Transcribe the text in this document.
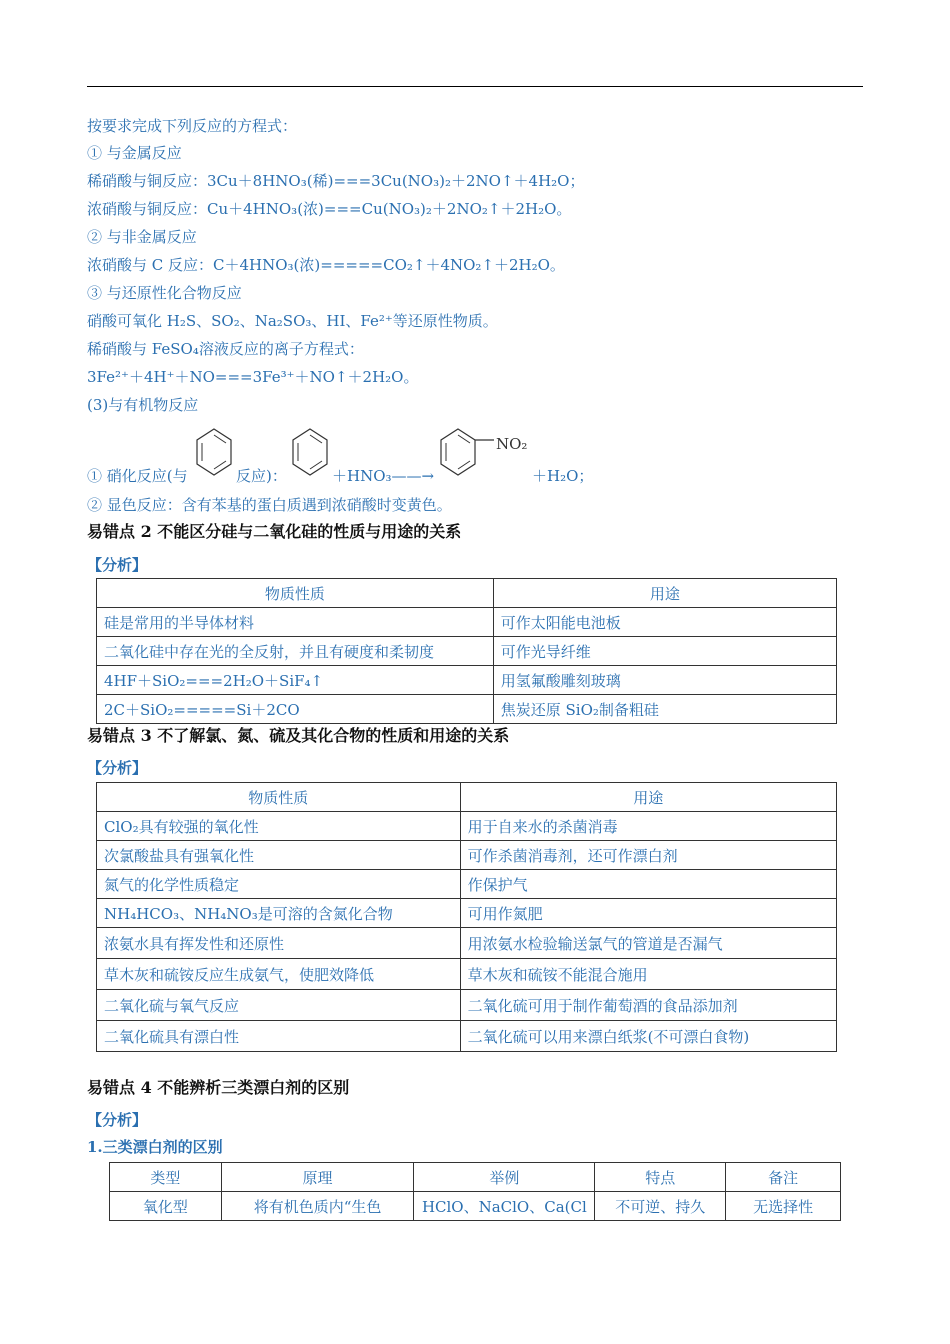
按要求完成下列反应的方程式：
① 与金属反应
稀硝酸与铜反应：3Cu＋8HNO₃(稀)===3Cu(NO₃)₂＋2NO↑＋4H₂O；
浓硝酸与铜反应：Cu＋4HNO₃(浓)===Cu(NO₃)₂＋2NO₂↑＋2H₂O。
② 与非金属反应
浓硝酸与 C 反应：C＋4HNO₃(浓)=====CO₂↑＋4NO₂↑＋2H₂O。
③ 与还原性化合物反应
硝酸可氧化 H₂S、SO₂、Na₂SO₃、HI、Fe²⁺等还原性物质。
稀硝酸与 FeSO₄溶液反应的离子方程式：
3Fe²⁺＋4H⁺＋NO===3Fe³⁺＋NO↑＋2H₂O。
(3)与有机物反应
① 硝化反应(与	反应)：	＋HNO₃——→
NO₂
＋H₂O；
② 显色反应：含有苯基的蛋白质遇到浓硝酸时变黄色。
易错点 2 不能区分硅与二氧化硅的性质与用途的关系
【分析】
物质性质	用途
硅是常用的半导体材料	可作太阳能电池板
二氧化硅中存在光的全反射，并且有硬度和柔韧度	可作光导纤维
4HF＋SiO₂===2H₂O＋SiF₄↑	用氢氟酸雕刻玻璃
2C＋SiO₂=====Si＋2CO	焦炭还原 SiO₂制备粗硅
易错点 3 不了解氯、氮、硫及其化合物的性质和用途的关系
【分析】
物质性质	用途
ClO₂具有较强的氧化性	用于自来水的杀菌消毒
次氯酸盐具有强氧化性	可作杀菌消毒剂，还可作漂白剂
氮气的化学性质稳定	作保护气
NH₄HCO₃、NH₄NO₃是可溶的含氮化合物	可用作氮肥
浓氨水具有挥发性和还原性	用浓氨水检验输送氯气的管道是否漏气
草木灰和硫铵反应生成氨气，使肥效降低	草木灰和硫铵不能混合施用
二氧化硫与氧气反应	二氧化硫可用于制作葡萄酒的食品添加剂
二氧化硫具有漂白性	二氧化硫可以用来漂白纸浆(不可漂白食物)
易错点 4 不能辨析三类漂白剂的区别
【分析】
1.三类漂白剂的区别
类型	原理	举例	特点	备注
氧化型	将有机色质内“生色	HClO、NaClO、Ca(Cl	不可逆、持久	无选择性
